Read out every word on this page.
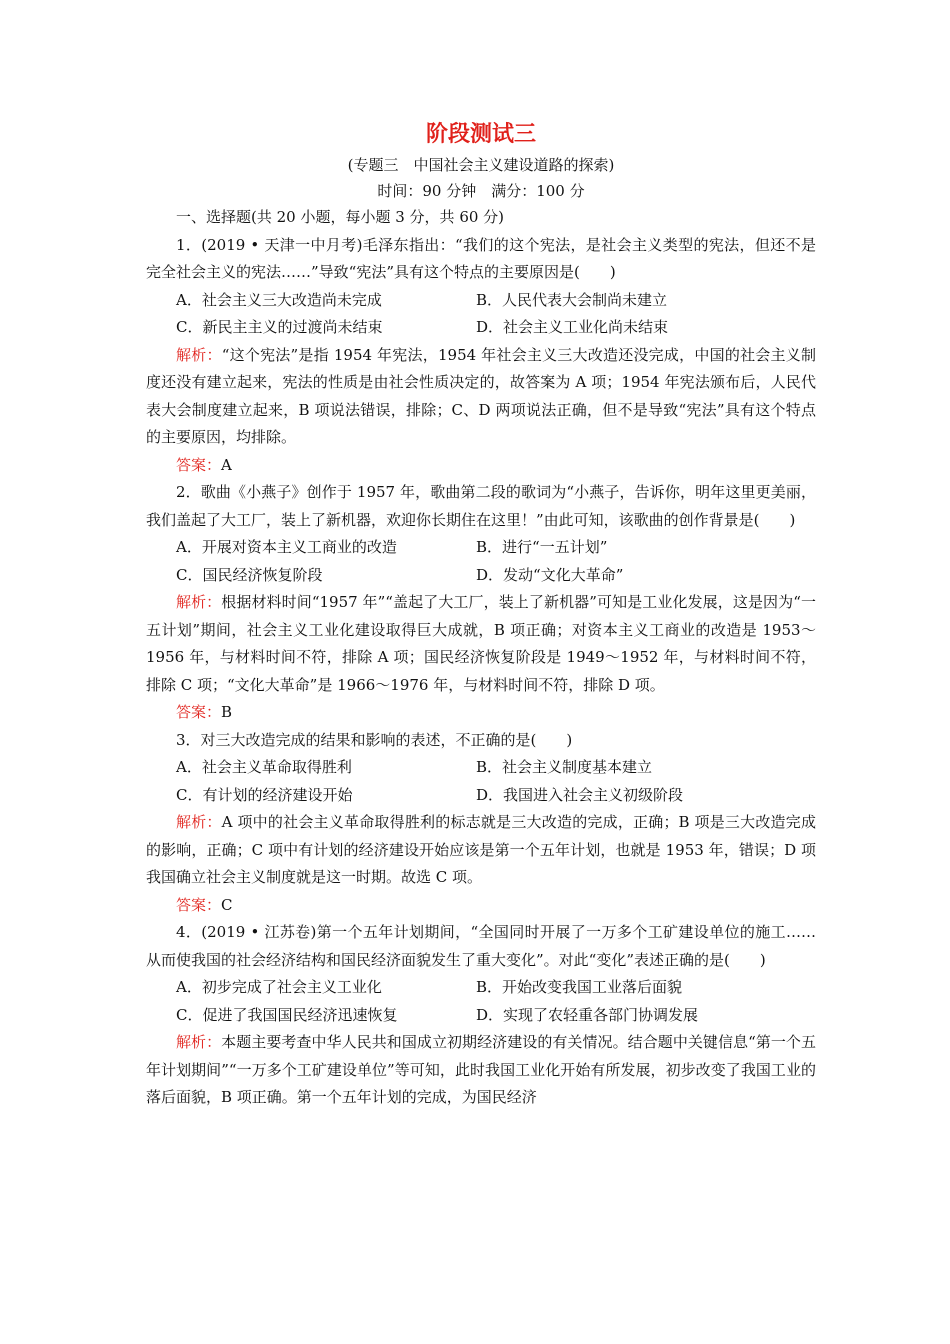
阶段测试三
(专题三　中国社会主义建设道路的探索)
时间：90 分钟　满分：100 分
一、选择题(共 20 小题，每小题 3 分，共 60 分)

1．(2019 • 天津一中月考)毛泽东指出：“我们的这个宪法，是社会主义类型的宪法，但还不是完全社会主义的宪法……”导致“宪法”具有这个特点的主要原因是(　　)

A．社会主义三大改造尚未完成	B．人民代表大会制尚未建立
C．新民主主义的过渡尚未结束	D．社会主义工业化尚未结束

解析：“这个宪法”是指 1954 年宪法，1954 年社会主义三大改造还没完成，中国的社会主义制度还没有建立起来，宪法的性质是由社会性质决定的，故答案为 A 项；1954 年宪法颁布后，人民代表大会制度建立起来，B 项说法错误，排除；C、D 两项说法正确，但不是导致“宪法”具有这个特点的主要原因，均排除。

答案：A

2．歌曲《小燕子》创作于 1957 年，歌曲第二段的歌词为“小燕子，告诉你，明年这里更美丽，我们盖起了大工厂，装上了新机器，欢迎你长期住在这里！”由此可知，该歌曲的创作背景是(　　)

A．开展对资本主义工商业的改造	B．进行“一五计划”
C．国民经济恢复阶段	D．发动“文化大革命”

解析：根据材料时间“1957 年”“盖起了大工厂，装上了新机器”可知是工业化发展，这是因为“一五计划”期间，社会主义工业化建设取得巨大成就，B 项正确；对资本主义工商业的改造是 1953～1956 年，与材料时间不符，排除 A 项；国民经济恢复阶段是 1949～1952 年，与材料时间不符，排除 C 项；“文化大革命”是 1966～1976 年，与材料时间不符，排除 D 项。

答案：B

3．对三大改造完成的结果和影响的表述，不正确的是(　　)

A．社会主义革命取得胜利	B．社会主义制度基本建立
C．有计划的经济建设开始	D．我国进入社会主义初级阶段

解析：A 项中的社会主义革命取得胜利的标志就是三大改造的完成，正确；B 项是三大改造完成的影响，正确；C 项中有计划的经济建设开始应该是第一个五年计划，也就是 1953 年，错误；D 项我国确立社会主义制度就是这一时期。故选 C 项。

答案：C

4．(2019 • 江苏卷)第一个五年计划期间，“全国同时开展了一万多个工矿建设单位的施工……从而使我国的社会经济结构和国民经济面貌发生了重大变化”。对此“变化”表述正确的是(　　)

A．初步完成了社会主义工业化	B．开始改变我国工业落后面貌
C．促进了我国国民经济迅速恢复	D．实现了农轻重各部门协调发展

解析：本题主要考查中华人民共和国成立初期经济建设的有关情况。结合题中关键信息“第一个五年计划期间”“一万多个工矿建设单位”等可知，此时我国工业化开始有所发展，初步改变了我国工业的落后面貌，B 项正确。第一个五年计划的完成，为国民经济
